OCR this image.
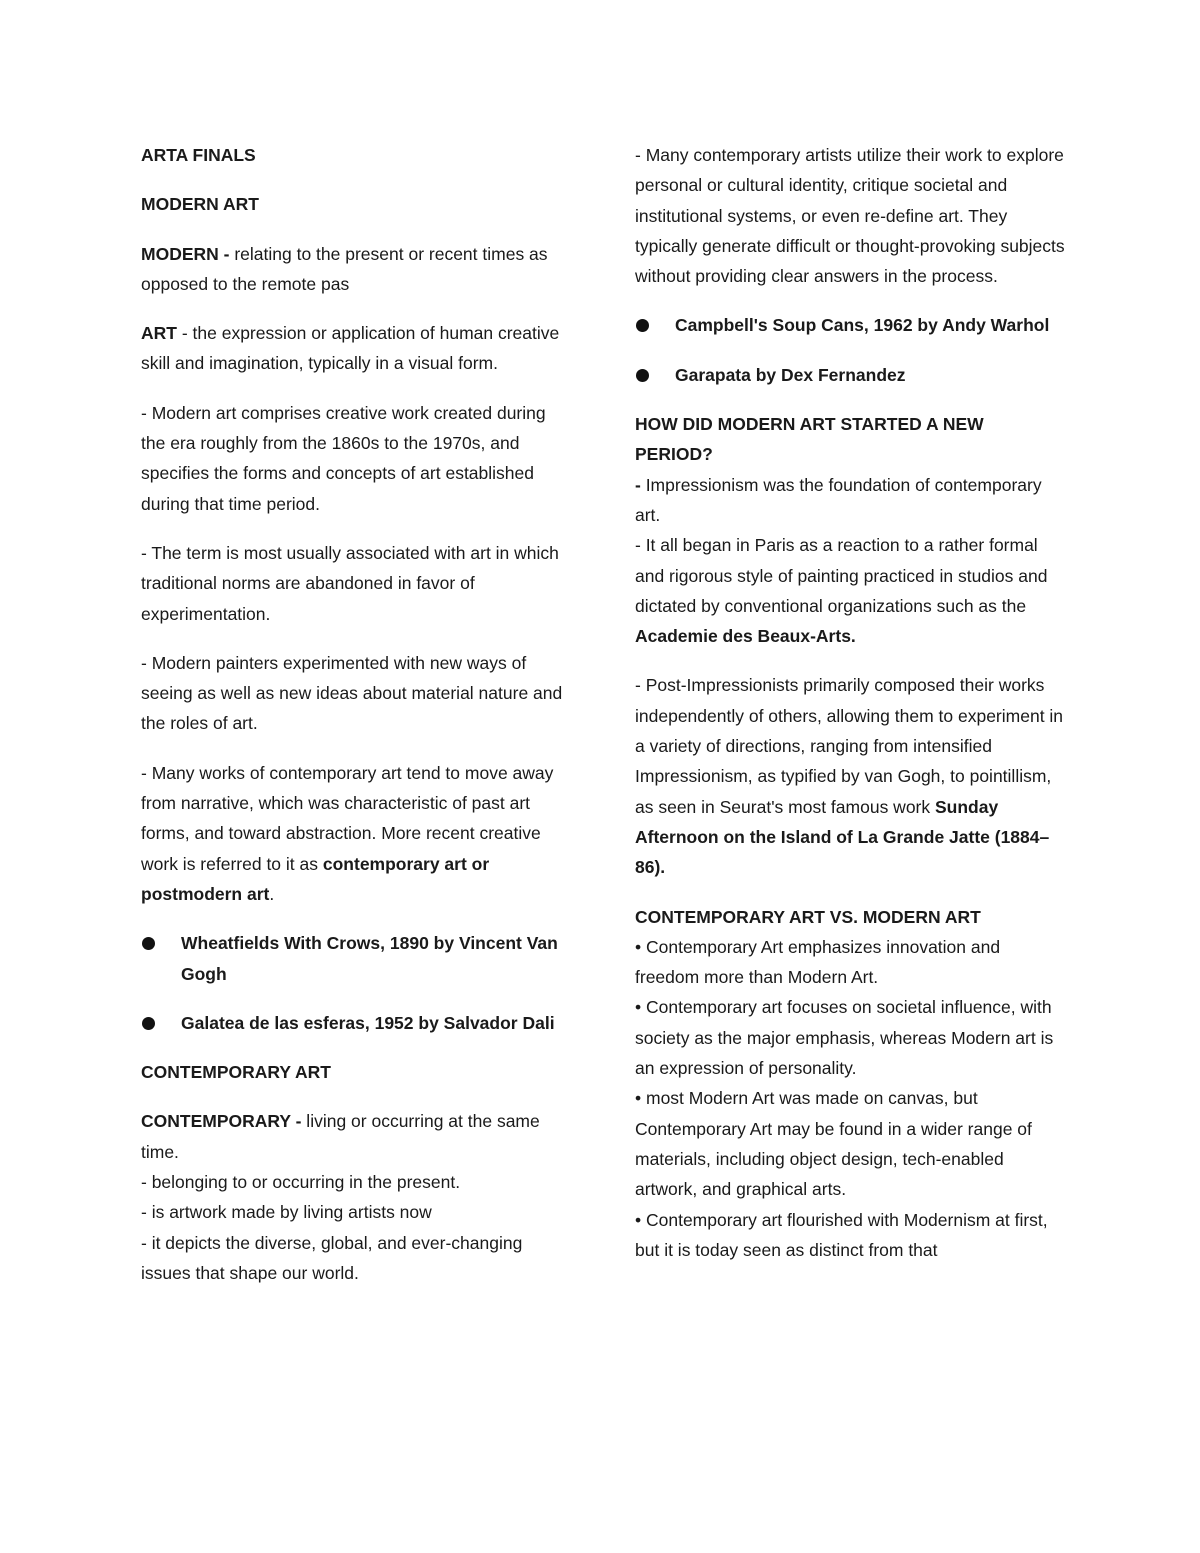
ARTA FINALS
MODERN ART
MODERN - relating to the present or recent times as opposed to the remote pas
ART - the expression or application of human creative skill and imagination, typically in a visual form.
- Modern art comprises creative work created during the era roughly from the 1860s to the 1970s, and specifies the forms and concepts of art established during that time period.
- The term is most usually associated with art in which traditional norms are abandoned in favor of experimentation.
- Modern painters experimented with new ways of seeing as well as new ideas about material nature and the roles of art.
- Many works of contemporary art tend to move away from narrative, which was characteristic of past art forms, and toward abstraction. More recent creative work is referred to it as contemporary art or postmodern art.
Wheatfields With Crows, 1890 by Vincent Van Gogh
Galatea de las esferas, 1952 by Salvador Dali
CONTEMPORARY ART
CONTEMPORARY - living or occurring at the same time.
- belonging to or occurring in the present.
- is artwork made by living artists now
- it depicts the diverse, global, and ever-changing issues that shape our world.
- Many contemporary artists utilize their work to explore personal or cultural identity, critique societal and institutional systems, or even re-define art. They typically generate difficult or thought-provoking subjects without providing clear answers in the process.
Campbell's Soup Cans, 1962 by Andy Warhol
Garapata by Dex Fernandez
HOW DID MODERN ART STARTED A NEW PERIOD?
- Impressionism was the foundation of contemporary art.
- It all began in Paris as a reaction to a rather formal and rigorous style of painting practiced in studios and dictated by conventional organizations such as the Academie des Beaux-Arts.
- Post-Impressionists primarily composed their works independently of others, allowing them to experiment in a variety of directions, ranging from intensified Impressionism, as typified by van Gogh, to pointillism, as seen in Seurat's most famous work Sunday Afternoon on the Island of La Grande Jatte (1884–86).
CONTEMPORARY ART VS. MODERN ART
• Contemporary Art emphasizes innovation and freedom more than Modern Art.
• Contemporary art focuses on societal influence, with society as the major emphasis, whereas Modern art is an expression of personality.
• most Modern Art was made on canvas, but Contemporary Art may be found in a wider range of materials, including object design, tech-enabled artwork, and graphical arts.
• Contemporary art flourished with Modernism at first, but it is today seen as distinct from that
